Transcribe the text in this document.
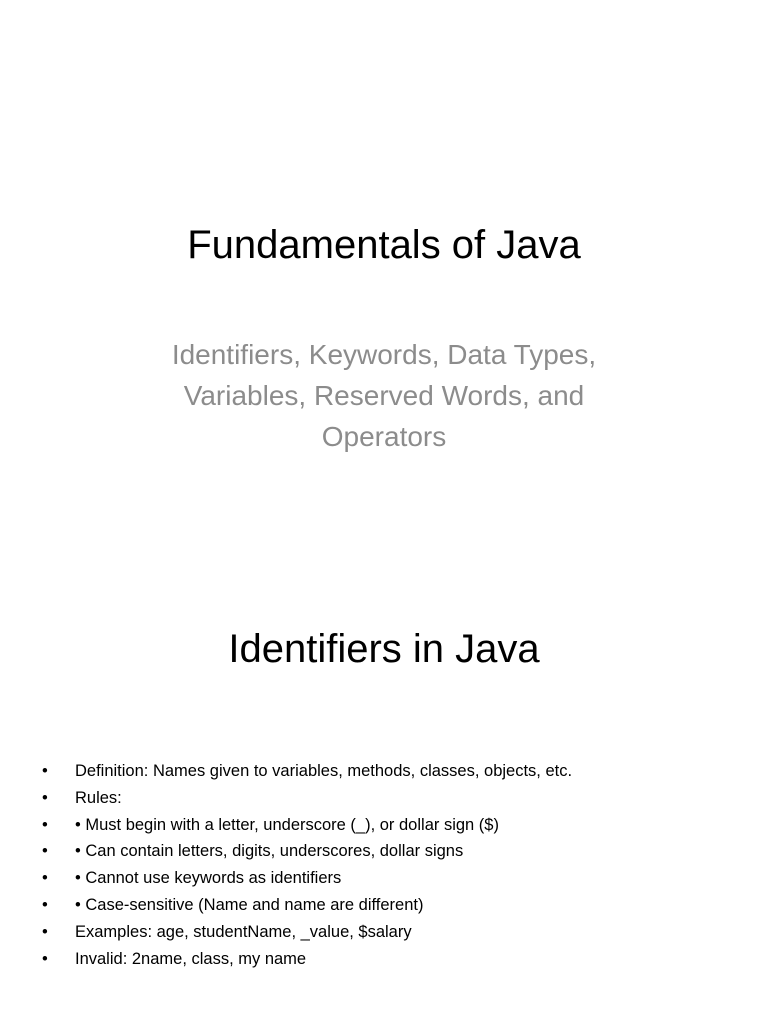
Fundamentals of Java
Identifiers, Keywords, Data Types,
Variables, Reserved Words, and
Operators
Identifiers in Java
•	Definition: Names given to variables, methods, classes, objects, etc.
•	Rules:
•	• Must begin with a letter, underscore (_), or dollar sign ($)
•	• Can contain letters, digits, underscores, dollar signs
•	• Cannot use keywords as identifiers
•	• Case-sensitive (Name and name are different)
•	Examples: age, studentName, _value, $salary
•	Invalid: 2name, class, my name
